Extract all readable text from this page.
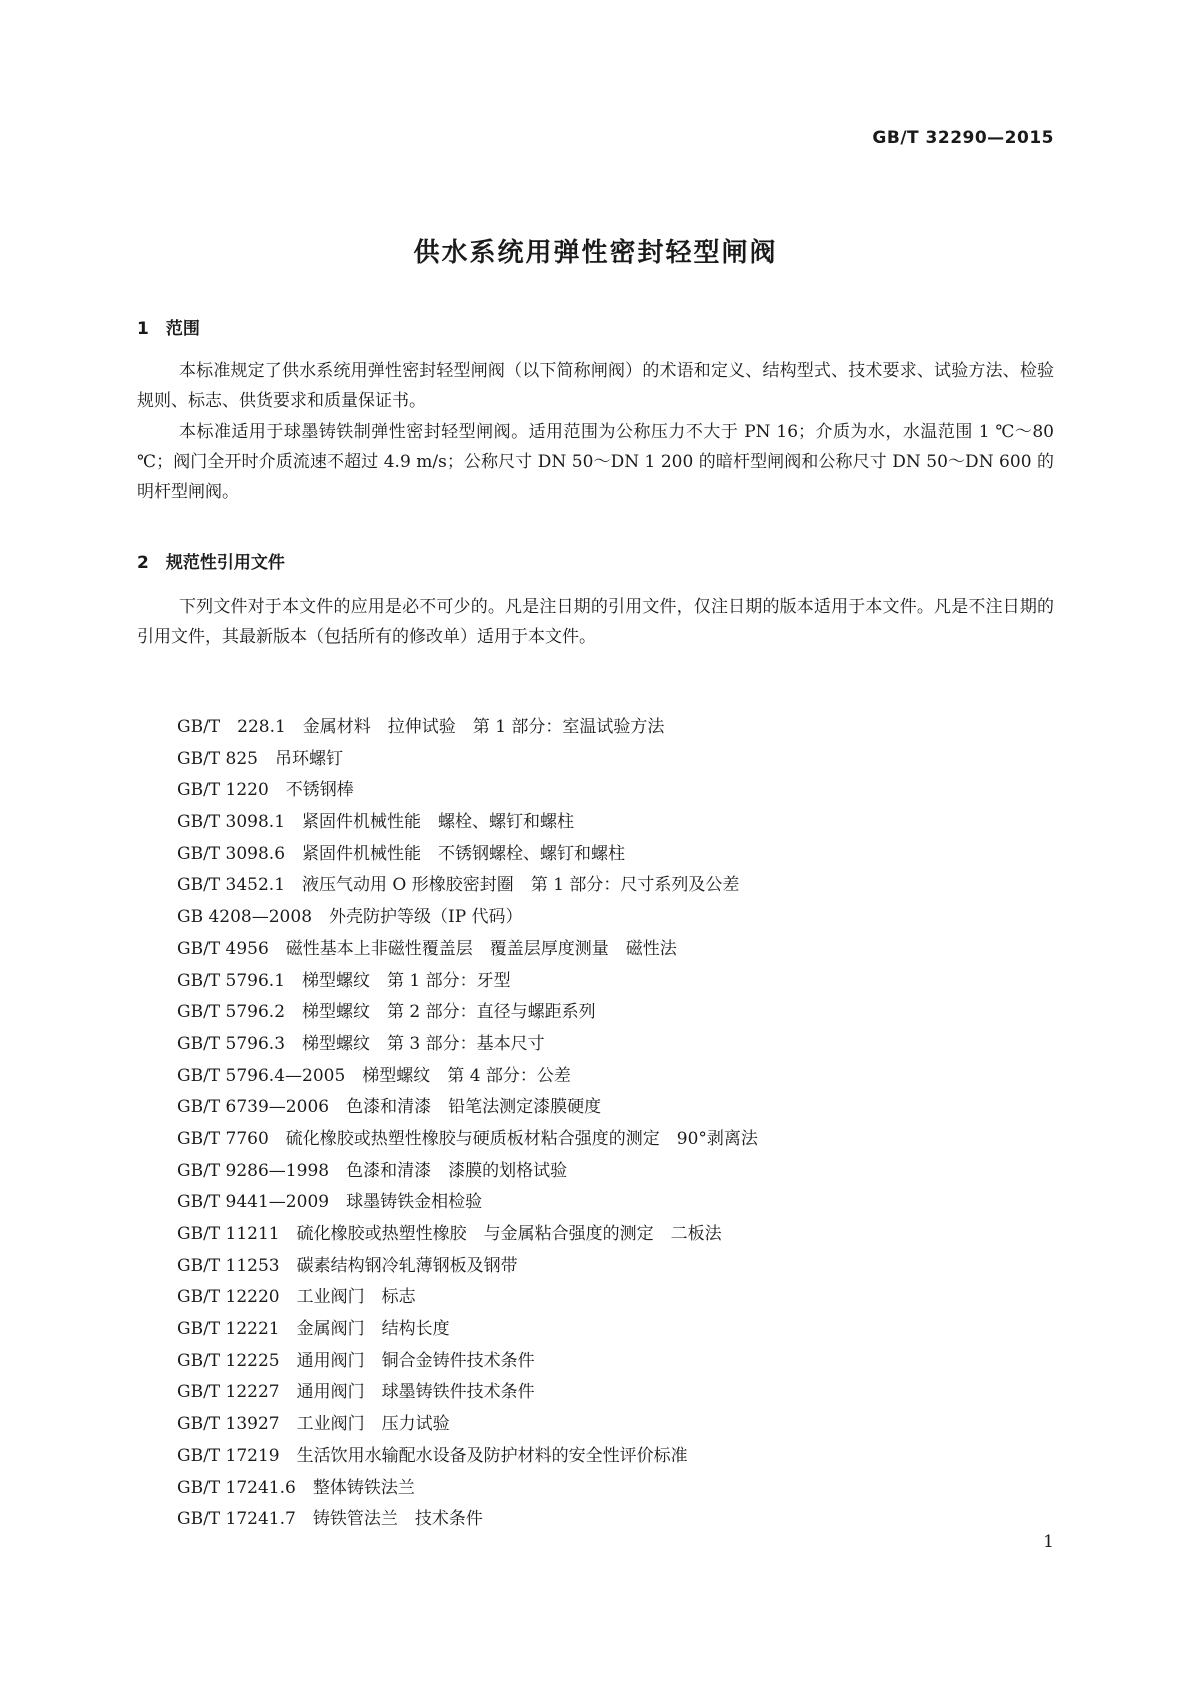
GB/T 32290—2015
供水系统用弹性密封轻型闸阀
1　范围

本标准规定了供水系统用弹性密封轻型闸阀（以下简称闸阀）的术语和定义、结构型式、技术要求、试验方法、检验规则、标志、供货要求和质量保证书。

本标准适用于球墨铸铁制弹性密封轻型闸阀。适用范围为公称压力不大于 PN 16；介质为水，水温范围 1 ℃～80 ℃；阀门全开时介质流速不超过 4.9 m/s；公称尺寸 DN 50～DN 1 200 的暗杆型闸阀和公称尺寸 DN 50～DN 600 的明杆型闸阀。

2　规范性引用文件

下列文件对于本文件的应用是必不可少的。凡是注日期的引用文件，仅注日期的版本适用于本文件。凡是不注日期的引用文件，其最新版本（包括所有的修改单）适用于本文件。

GB/T　228.1　金属材料　拉伸试验　第 1 部分：室温试验方法
GB/T 825　吊环螺钉
GB/T 1220　不锈钢棒
GB/T 3098.1　紧固件机械性能　螺栓、螺钉和螺柱
GB/T 3098.6　紧固件机械性能　不锈钢螺栓、螺钉和螺柱
GB/T 3452.1　液压气动用 O 形橡胶密封圈　第 1 部分：尺寸系列及公差
GB 4208—2008　外壳防护等级（IP 代码）
GB/T 4956　磁性基本上非磁性覆盖层　覆盖层厚度测量　磁性法
GB/T 5796.1　梯型螺纹　第 1 部分：牙型
GB/T 5796.2　梯型螺纹　第 2 部分：直径与螺距系列
GB/T 5796.3　梯型螺纹　第 3 部分：基本尺寸
GB/T 5796.4—2005　梯型螺纹　第 4 部分：公差
GB/T 6739—2006　色漆和清漆　铅笔法测定漆膜硬度
GB/T 7760　硫化橡胶或热塑性橡胶与硬质板材粘合强度的测定　90°剥离法
GB/T 9286—1998　色漆和清漆　漆膜的划格试验
GB/T 9441—2009　球墨铸铁金相检验
GB/T 11211　硫化橡胶或热塑性橡胶　与金属粘合强度的测定　二板法
GB/T 11253　碳素结构钢冷轧薄钢板及钢带
GB/T 12220　工业阀门　标志
GB/T 12221　金属阀门　结构长度
GB/T 12225　通用阀门　铜合金铸件技术条件
GB/T 12227　通用阀门　球墨铸铁件技术条件
GB/T 13927　工业阀门　压力试验
GB/T 17219　生活饮用水输配水设备及防护材料的安全性评价标准
GB/T 17241.6　整体铸铁法兰
GB/T 17241.7　铸铁管法兰　技术条件
1
